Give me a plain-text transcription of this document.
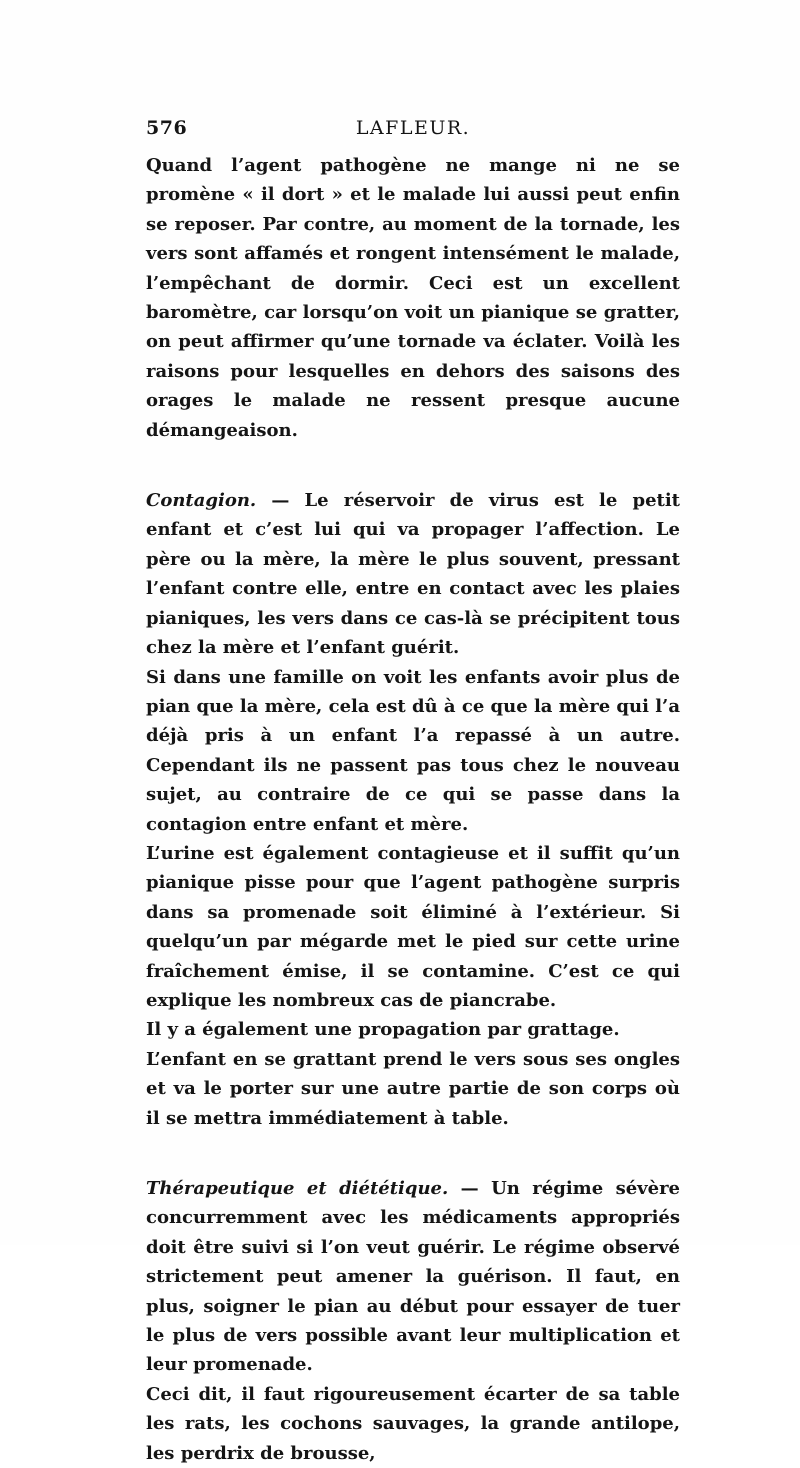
576	LAFLEUR.

Quand l’agent pathogène ne mange ni ne se promène « il dort » et le malade lui aussi peut enfin se reposer. Par contre, au moment de la tornade, les vers sont affamés et rongent intensément le malade, l’empêchant de dormir. Ceci est un excellent baromètre, car lorsqu’on voit un pianique se gratter, on peut affirmer qu’une tornade va éclater. Voilà les raisons pour lesquelles en dehors des saisons des orages le malade ne ressent presque aucune démangeaison.

Contagion. — Le réservoir de virus est le petit enfant et c’est lui qui va propager l’affection. Le père ou la mère, la mère le plus souvent, pressant l’enfant contre elle, entre en contact avec les plaies pianiques, les vers dans ce cas-là se précipitent tous chez la mère et l’enfant guérit.

Si dans une famille on voit les enfants avoir plus de pian que la mère, cela est dû à ce que la mère qui l’a déjà pris à un enfant l’a repassé à un autre. Cependant ils ne passent pas tous chez le nouveau sujet, au contraire de ce qui se passe dans la contagion entre enfant et mère.

L’urine est également contagieuse et il suffit qu’un pianique pisse pour que l’agent pathogène surpris dans sa promenade soit éliminé à l’extérieur. Si quelqu’un par mégarde met le pied sur cette urine fraîchement émise, il se contamine. C’est ce qui explique les nombreux cas de piancrabe.

Il y a également une propagation par grattage.

L’enfant en se grattant prend le vers sous ses ongles et va le porter sur une autre partie de son corps où il se mettra immédiatement à table.

Thérapeutique et diététique. — Un régime sévère concurremment avec les médicaments appropriés doit être suivi si l’on veut guérir. Le régime observé strictement peut amener la guérison. Il faut, en plus, soigner le pian au début pour essayer de tuer le plus de vers possible avant leur multiplication et leur promenade.

Ceci dit, il faut rigoureusement écarter de sa table les rats, les cochons sauvages, la grande antilope, les perdrix de brousse,
